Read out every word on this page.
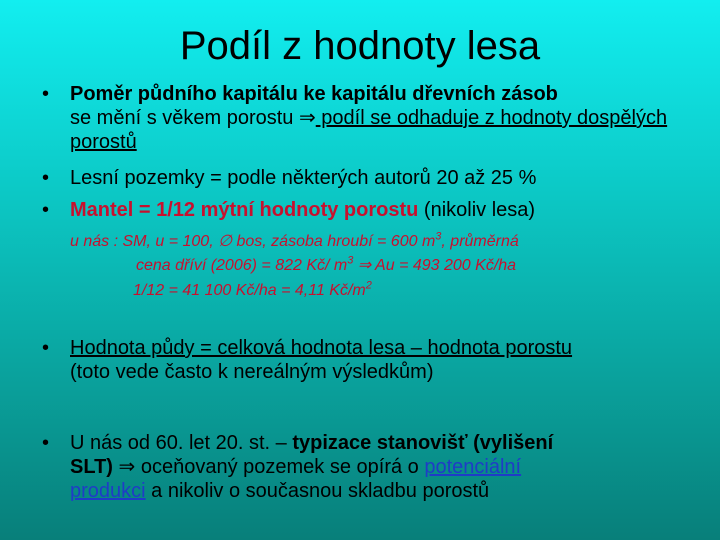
Podíl z hodnoty lesa
• Poměr půdního kapitálu ke kapitálu dřevních zásob
se mění s věkem porostu ⇒ podíl se odhaduje z hodnoty dospělých porostů
• Lesní pozemky = podle některých autorů 20 až 25 %
• Mantel = 1/12 mýtní hodnoty porostu (nikoliv lesa)
u nás : SM, u = 100, ∅ bos, zásoba hroubí = 600 $m^3$, průměrná
cena dříví (2006) = 822 Kč/ $m^3$ ⇒ Au = 493 200 Kč/ha
1/12 = 41 100 Kč/ha = 4,11 $Kč/m^2$
• Hodnota půdy = celková hodnota lesa – hodnota porostu
(toto vede často k nereálným výsledkům)
• U nás od 60. let 20. st. – typizace stanovišť (vylišení
SLT) ⇒ oceňovaný pozemek se opírá o potenciální
produkci a nikoliv o současnou skladbu porostů
